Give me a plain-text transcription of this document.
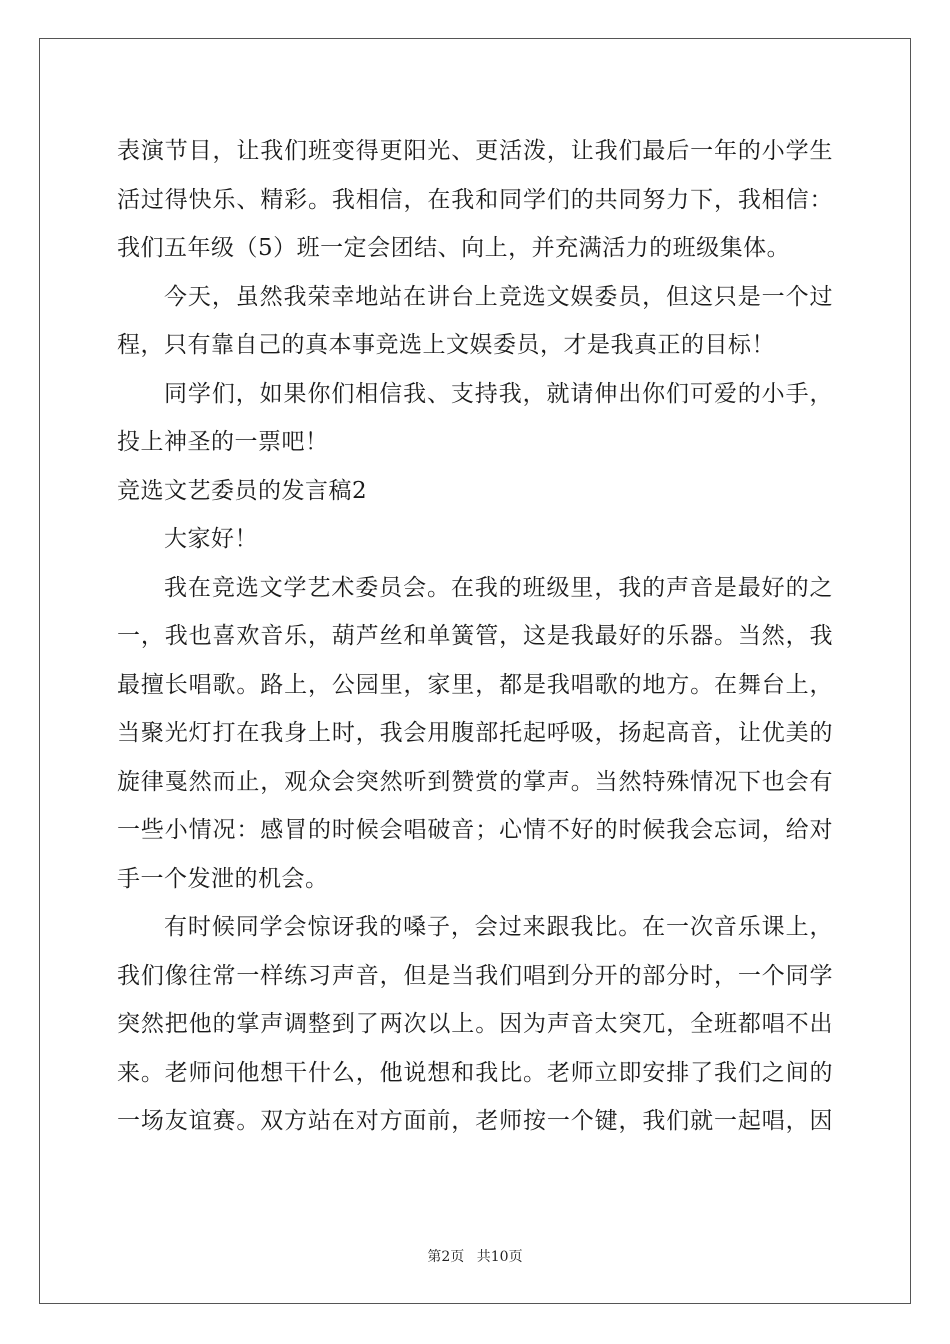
表演节目，让我们班变得更阳光、更活泼，让我们最后一年的小学生
活过得快乐、精彩。我相信，在我和同学们的共同努力下，我相信：
我们五年级（5）班一定会团结、向上，并充满活力的班级集体。
今天，虽然我荣幸地站在讲台上竞选文娱委员，但这只是一个过
程，只有靠自己的真本事竞选上文娱委员，才是我真正的目标！
同学们，如果你们相信我、支持我，就请伸出你们可爱的小手，
投上神圣的一票吧！
竞选文艺委员的发言稿2
大家好！
我在竞选文学艺术委员会。在我的班级里，我的声音是最好的之
一，我也喜欢音乐，葫芦丝和单簧管，这是我最好的乐器。当然，我
最擅长唱歌。路上，公园里，家里，都是我唱歌的地方。在舞台上，
当聚光灯打在我身上时，我会用腹部托起呼吸，扬起高音，让优美的
旋律戛然而止，观众会突然听到赞赏的掌声。当然特殊情况下也会有
一些小情况：感冒的时候会唱破音；心情不好的时候我会忘词，给对
手一个发泄的机会。
有时候同学会惊讶我的嗓子，会过来跟我比。在一次音乐课上，
我们像往常一样练习声音，但是当我们唱到分开的部分时，一个同学
突然把他的掌声调整到了两次以上。因为声音太突兀，全班都唱不出
来。老师问他想干什么，他说想和我比。老师立即安排了我们之间的
一场友谊赛。双方站在对方面前，老师按一个键，我们就一起唱，因
第2页 共10页
